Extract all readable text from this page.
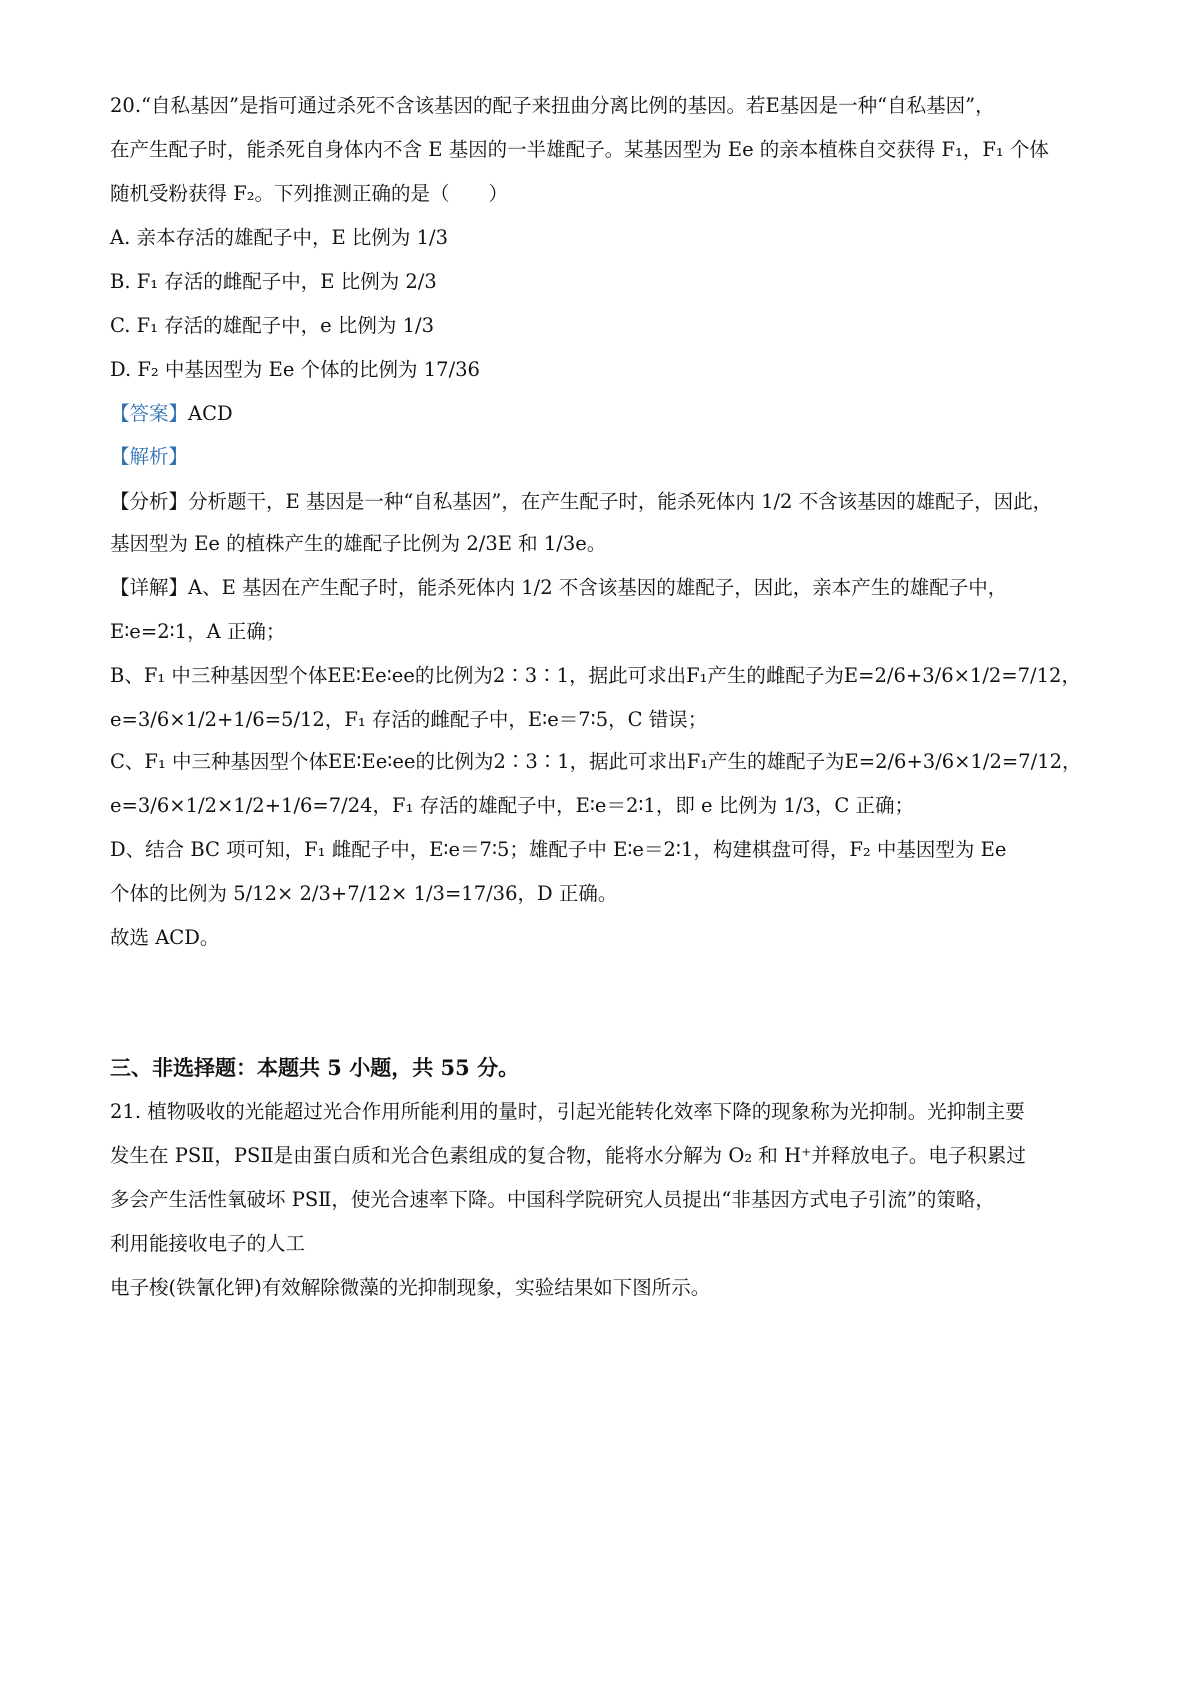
20.“自私基因”是指可通过杀死不含该基因的配子来扭曲分离比例的基因。若E基因是一种“自私基因”，
在产生配子时，能杀死自身体内不含 E 基因的一半雄配子。某基因型为 Ee 的亲本植株自交获得 F₁，F₁ 个体
随机受粉获得 F₂。下列推测正确的是（　　）
A. 亲本存活的雄配子中，E 比例为 1/3
B. F₁ 存活的雌配子中，E 比例为 2/3
C. F₁ 存活的雄配子中，e 比例为 1/3
D. F₂ 中基因型为 Ee 个体的比例为 17/36
【答案】ACD
【解析】
【分析】分析题干，E 基因是一种“自私基因”，在产生配子时，能杀死体内 1/2 不含该基因的雄配子，因此，
基因型为 Ee 的植株产生的雄配子比例为 2/3E 和 1/3e。
【详解】A、E 基因在产生配子时，能杀死体内 1/2 不含该基因的雄配子，因此，亲本产生的雄配子中，
E∶e=2∶1，A 正确；
B、F₁ 中三种基因型个体EE∶Ee∶ee的比例为2∶3∶1，据此可求出F₁产生的雌配子为E=2/6+3/6×1/2=7/12，
e=3/6×1/2+1/6=5/12，F₁ 存活的雌配子中，E∶e＝7∶5，C 错误；
C、F₁ 中三种基因型个体EE∶Ee∶ee的比例为2∶3∶1，据此可求出F₁产生的雄配子为E=2/6+3/6×1/2=7/12，
e=3/6×1/2×1/2+1/6=7/24，F₁ 存活的雄配子中，E∶e＝2∶1，即 e 比例为 1/3，C 正确；
D、结合 BC 项可知，F₁ 雌配子中，E∶e＝7∶5；雄配子中 E∶e＝2∶1，构建棋盘可得，F₂ 中基因型为 Ee
个体的比例为 5/12× 2/3+7/12× 1/3=17/36，D 正确。
故选 ACD。
三、非选择题：本题共 5 小题，共 55 分。
21. 植物吸收的光能超过光合作用所能利用的量时，引起光能转化效率下降的现象称为光抑制。光抑制主要
发生在 PSⅡ，PSⅡ是由蛋白质和光合色素组成的复合物，能将水分解为 O₂ 和 H⁺并释放电子。电子积累过
多会产生活性氧破坏 PSⅡ，使光合速率下降。中国科学院研究人员提出“非基因方式电子引流”的策略，
利用能接收电子的人工
电子梭(铁氰化钾)有效解除微藻的光抑制现象，实验结果如下图所示。
